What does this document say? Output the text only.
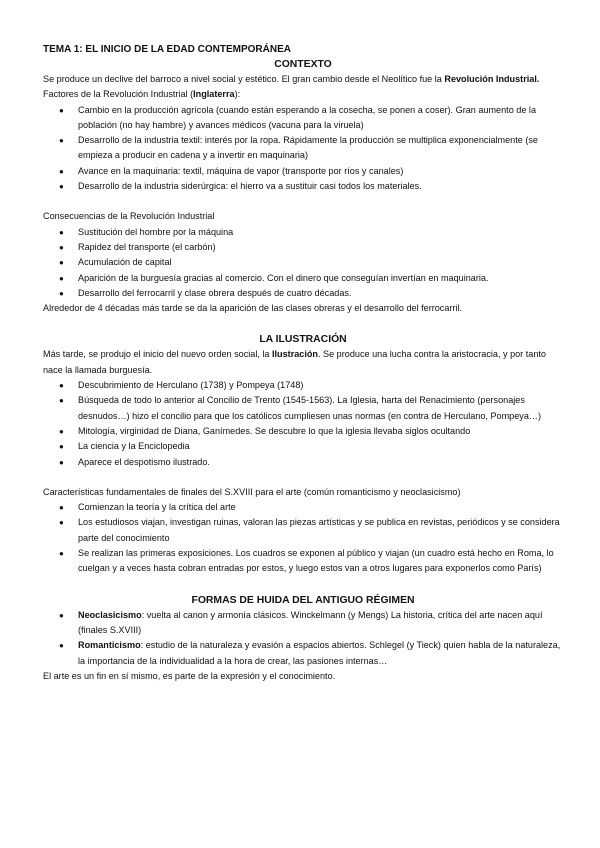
TEMA 1: EL INICIO DE LA EDAD CONTEMPORÁNEA
CONTEXTO

Se produce un declive del barroco a nivel social y estético. El gran cambio desde el Neolítico fue la Revolución Industrial.

Factores de la Revolución Industrial (Inglaterra):

● Cambio en la producción agrícola (cuando están esperando a la cosecha, se ponen a coser). Gran aumento de la población (no hay hambre) y avances médicos (vacuna para la viruela)
● Desarrollo de la industria textil: interés por la ropa. Rápidamente la producción se multiplica exponencialmente (se empieza a producir en cadena y a invertir en maquinaria)
● Avance en la maquinaria: textil, máquina de vapor (transporte por ríos y canales)
● Desarrollo de la industria siderúrgica: el hierro va a sustituir casi todos los materiales.

Consecuencias de la Revolución Industrial

● Sustitución del hombre por la máquina
● Rapidez del transporte (el carbón)
● Acumulación de capital
● Aparición de la burguesía gracias al comercio. Con el dinero que conseguían invertían en maquinaria.
● Desarrollo del ferrocarril y clase obrera después de cuatro décadas.

Alrededor de 4 décadas más tarde se da la aparición de las clases obreras y el desarrollo del ferrocarril.

LA ILUSTRACIÓN

Más tarde, se produjo el inicio del nuevo orden social, la Ilustración. Se produce una lucha contra la aristocracia, y por tanto nace la llamada burguesía.

● Descubrimiento de Herculano (1738) y Pompeya (1748)
● Búsqueda de todo lo anterior al Concilio de Trento (1545-1563). La Iglesia, harta del Renacimiento (personajes desnudos…) hizo el concilio para que los católicos cumpliesen unas normas (en contra de Herculano, Pompeya…)
● Mitología, virginidad de Diana, Ganímedes. Se descubre lo que la iglesia llevaba siglos ocultando
● La ciencia y la Enciclopedia
● Aparece el despotismo ilustrado.

Características fundamentales de finales del S.XVIII para el arte (común romanticismo y neoclasicismo)

● Comienzan la teoría y la crítica del arte
● Los estudiosos viajan, investigan ruinas, valoran las piezas artísticas y se publica en revistas, periódicos y se considera parte del conocimiento
● Se realizan las primeras exposiciones. Los cuadros se exponen al público y viajan (un cuadro está hecho en Roma, lo cuelgan y a veces hasta cobran entradas por estos, y luego estos van a otros lugares para exponerlos como París)
FORMAS DE HUIDA DEL ANTIGUO RÉGIMEN
● Neoclasicismo: vuelta al canon y armonía clásicos. Winckelmann (y Mengs) La historia, crítica del arte nacen aquí (finales S.XVIII)
● Romanticismo: estudio de la naturaleza y evasión a espacios abiertos. Schlegel (y Tieck) quien habla de la naturaleza, la importancia de la individualidad a la hora de crear, las pasiones internas…

El arte es un fin en sí mismo, es parte de la expresión y el conocimiento.
